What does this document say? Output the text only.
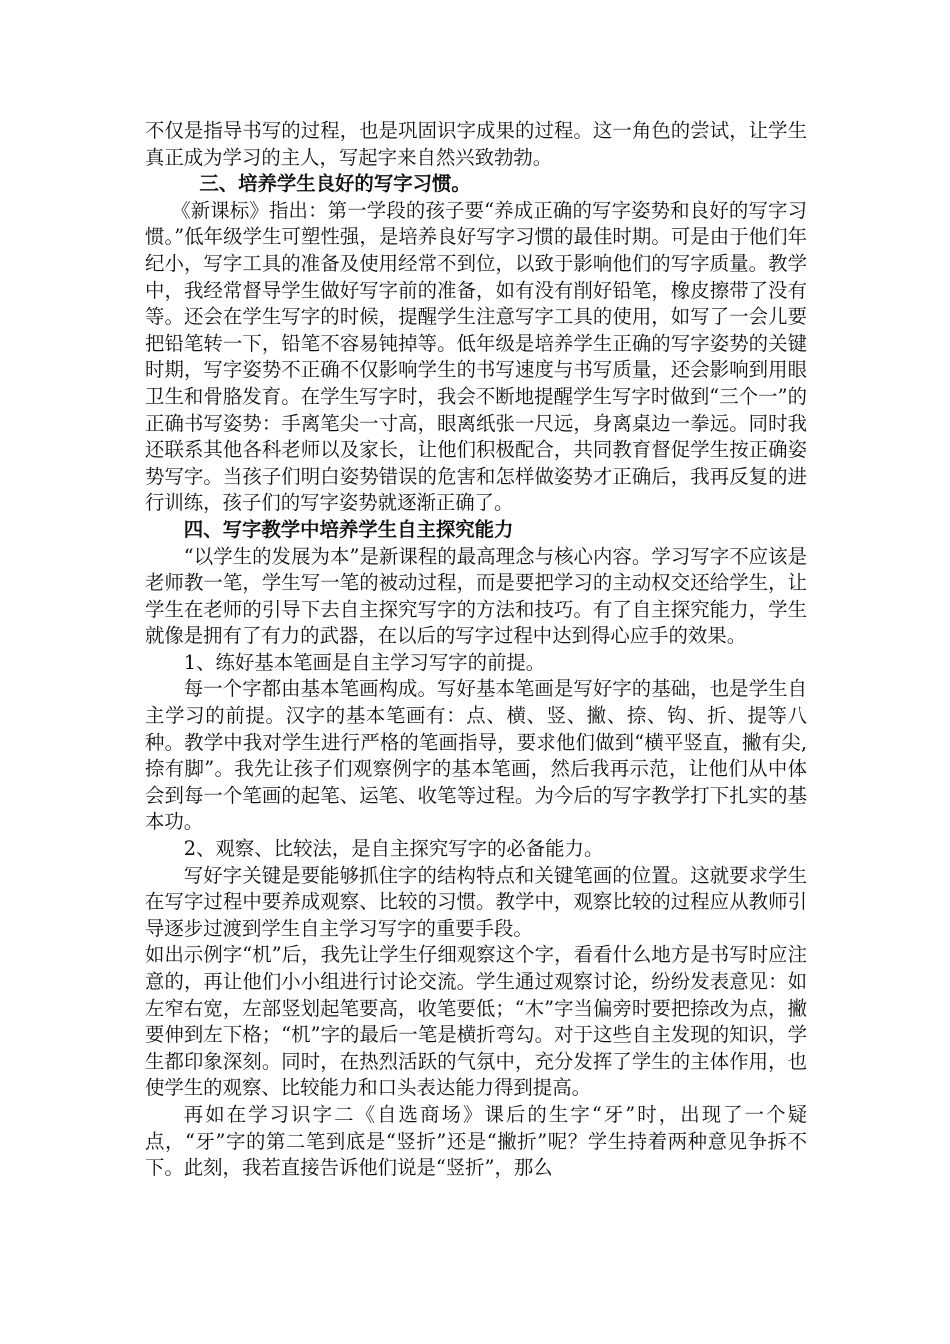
不仅是指导书写的过程，也是巩固识字成果的过程。这一角色的尝试，让学生真正成为学习的主人，写起字来自然兴致勃勃。

三、培养学生良好的写字习惯。

《新课标》指出：第一学段的孩子要“养成正确的写字姿势和良好的写字习惯。”低年级学生可塑性强，是培养良好写字习惯的最佳时期。可是由于他们年纪小，写字工具的准备及使用经常不到位，以致于影响他们的写字质量。教学中，我经常督导学生做好写字前的准备，如有没有削好铅笔，橡皮擦带了没有等。还会在学生写字的时候，提醒学生注意写字工具的使用，如写了一会儿要把铅笔转一下，铅笔不容易钝掉等。低年级是培养学生正确的写字姿势的关键时期，写字姿势不正确不仅影响学生的书写速度与书写质量，还会影响到用眼卫生和骨胳发育。在学生写字时，我会不断地提醒学生写字时做到“三个一”的正确书写姿势：手离笔尖一寸高，眼离纸张一尺远，身离桌边一拳远。同时我还联系其他各科老师以及家长，让他们积极配合，共同教育督促学生按正确姿势写字。当孩子们明白姿势错误的危害和怎样做姿势才正确后，我再反复的进行训练，孩子们的写字姿势就逐渐正确了。

四、写字教学中培养学生自主探究能力

“以学生的发展为本”是新课程的最高理念与核心内容。学习写字不应该是老师教一笔，学生写一笔的被动过程，而是要把学习的主动权交还给学生，让学生在老师的引导下去自主探究写字的方法和技巧。有了自主探究能力，学生就像是拥有了有力的武器，在以后的写字过程中达到得心应手的效果。

1、练好基本笔画是自主学习写字的前提。

每一个字都由基本笔画构成。写好基本笔画是写好字的基础，也是学生自主学习的前提。汉字的基本笔画有：点、横、竖、撇、捺、钩、折、提等八种。教学中我对学生进行严格的笔画指导，要求他们做到“横平竖直，撇有尖,捺有脚”。我先让孩子们观察例字的基本笔画，然后我再示范，让他们从中体会到每一个笔画的起笔、运笔、收笔等过程。为今后的写字教学打下扎实的基本功。

2、观察、比较法，是自主探究写字的必备能力。

写好字关键是要能够抓住字的结构特点和关键笔画的位置。这就要求学生在写字过程中要养成观察、比较的习惯。教学中，观察比较的过程应从教师引导逐步过渡到学生自主学习写字的重要手段。

如出示例字“机”后，我先让学生仔细观察这个字，看看什么地方是书写时应注意的，再让他们小小组进行讨论交流。学生通过观察讨论，纷纷发表意见：如左窄右宽，左部竖划起笔要高，收笔要低；“木”字当偏旁时要把捺改为点，撇要伸到左下格；“机”字的最后一笔是横折弯勾。对于这些自主发现的知识，学生都印象深刻。同时，在热烈活跃的气氛中，充分发挥了学生的主体作用，也使学生的观察、比较能力和口头表达能力得到提高。

再如在学习识字二《自选商场》课后的生字“牙”时，出现了一个疑点，“牙”字的第二笔到底是“竖折”还是“撇折”呢？学生持着两种意见争拆不下。此刻，我若直接告诉他们说是“竖折”，那么
